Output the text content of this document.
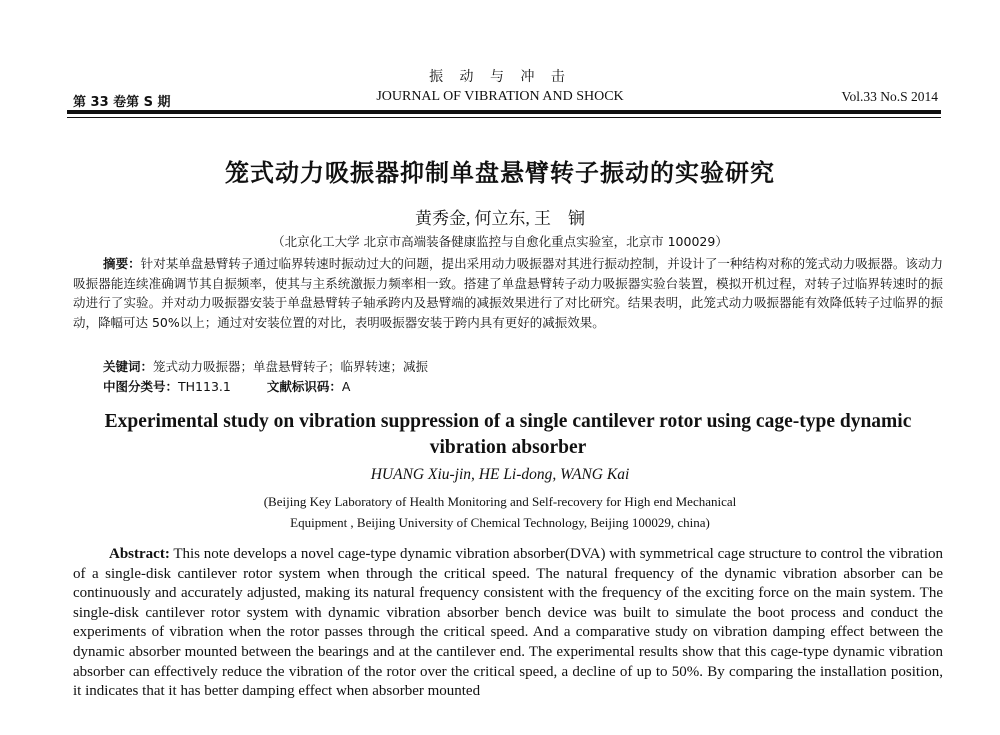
振 动 与 冲 击
第 33 卷第 S 期	JOURNAL OF VIBRATION AND SHOCK	Vol.33 No.S 2014
笼式动力吸振器抑制单盘悬臂转子振动的实验研究
黄秀金, 何立东, 王　锎
（北京化工大学 北京市高端装备健康监控与自愈化重点实验室，北京市 100029）
摘要：针对某单盘悬臂转子通过临界转速时振动过大的问题，提出采用动力吸振器对其进行振动控制，并设计了一种结构对称的笼式动力吸振器。该动力吸振器能连续准确调节其自振频率，使其与主系统激振力频率相一致。搭建了单盘悬臂转子动力吸振器实验台装置，模拟开机过程，对转子过临界转速时的振动进行了实验。并对动力吸振器安装于单盘悬臂转子轴承跨内及悬臂端的减振效果进行了对比研究。结果表明，此笼式动力吸振器能有效降低转子过临界的振动，降幅可达 50%以上；通过对安装位置的对比，表明吸振器安装于跨内具有更好的减振效果。
关键词：笼式动力吸振器；单盘悬臂转子；临界转速；减振
中图分类号：TH113.1	文献标识码：A
Experimental study on vibration suppression of a single cantilever rotor using cage-type dynamic vibration absorber
HUANG Xiu-jin, HE Li-dong, WANG Kai
(Beijing Key Laboratory of Health Monitoring and Self-recovery for High end Mechanical
Equipment , Beijing University of Chemical Technology, Beijing 100029, china)
Abstract: This note develops a novel cage-type dynamic vibration absorber(DVA) with symmetrical cage structure to control the vibration of a single-disk cantilever rotor system when through the critical speed. The natural frequency of the dynamic vibration absorber can be continuously and accurately adjusted, making its natural frequency consistent with the frequency of the exciting force on the main system. The single-disk cantilever rotor system with dynamic vibration absorber bench device was built to simulate the boot process and conduct the experiments of vibration when the rotor passes through the critical speed. And a comparative study on vibration damping effect between the dynamic absorber mounted between the bearings and at the cantilever end. The experimental results show that this cage-type dynamic vibration absorber can effectively reduce the vibration of the rotor over the critical speed, a decline of up to 50%. By comparing the installation position, it indicates that it has better damping effect when absorber mounted
